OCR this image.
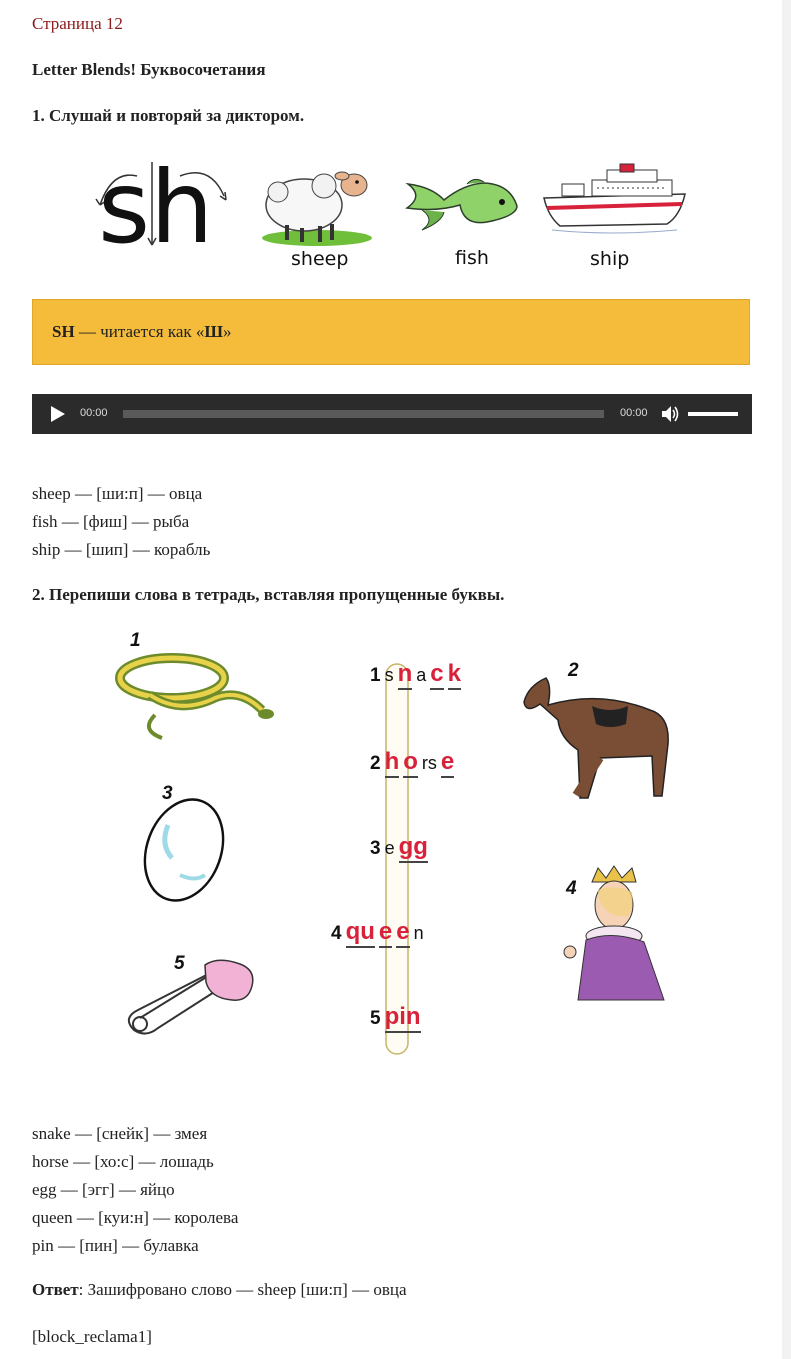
Страница 12
Letter Blends! Буквосочетания
1. Слушай и повторяй за диктором.
sh	sheep	fish	ship
SH — читается как «Ш»
00:00	00:00
sheep — [ши:п] — овца
fish — [фиш] — рыба
ship — [шип] — корабль
2. Перепиши слова в тетрадь, вставляя пропущенные буквы.
1
3
5
2
4
1 s n a c k
2 h o rs e
3 e gg
4 qu e e n
5 pin
snake — [снейк] — змея
horse — [хо:с] — лошадь
egg — [эгг] — яйцо
queen — [куи:н] — королева
pin — [пин] — булавка
Ответ: Зашифровано слово — sheep [ши:п] — овца
[block_reclama1]
